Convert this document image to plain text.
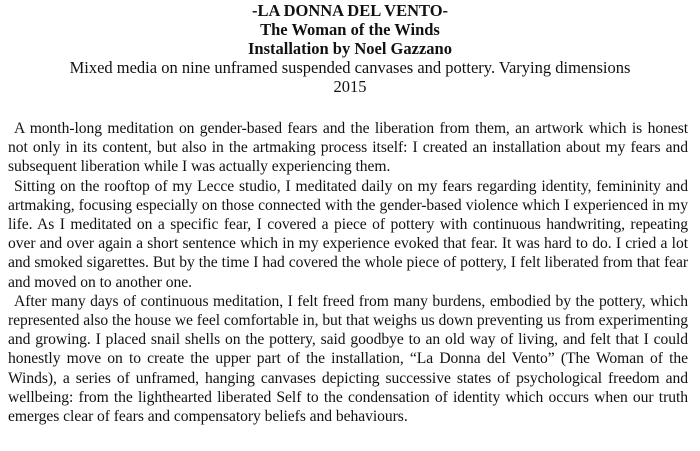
-LA DONNA DEL VENTO-
The Woman of the Winds
Installation by Noel Gazzano
Mixed media on nine unframed suspended canvases and pottery. Varying dimensions
2015

A month-long meditation on gender-based fears and the liberation from them, an artwork which is honest not only in its content, but also in the artmaking process itself: I created an installation about my fears and subsequent liberation while I was actually experiencing them.

Sitting on the rooftop of my Lecce studio, I meditated daily on my fears regarding identity, femininity and artmaking, focusing especially on those connected with the gender-based violence which I experienced in my life. As I meditated on a specific fear, I covered a piece of pottery with continuous handwriting, repeating over and over again a short sentence which in my experience evoked that fear. It was hard to do. I cried a lot and smoked sigarettes. But by the time I had covered the whole piece of pottery, I felt liberated from that fear and moved on to another one.

After many days of continuous meditation, I felt freed from many burdens, embodied by the pottery, which represented also the house we feel comfortable in, but that weighs us down preventing us from experimenting and growing. I placed snail shells on the pottery, said goodbye to an old way of living, and felt that I could honestly move on to create the upper part of the installation, “La Donna del Vento” (The Woman of the Winds), a series of unframed, hanging canvases depicting successive states of psychological freedom and wellbeing: from the lighthearted liberated Self to the condensation of identity which occurs when our truth emerges clear of fears and compensatory beliefs and behaviours.
